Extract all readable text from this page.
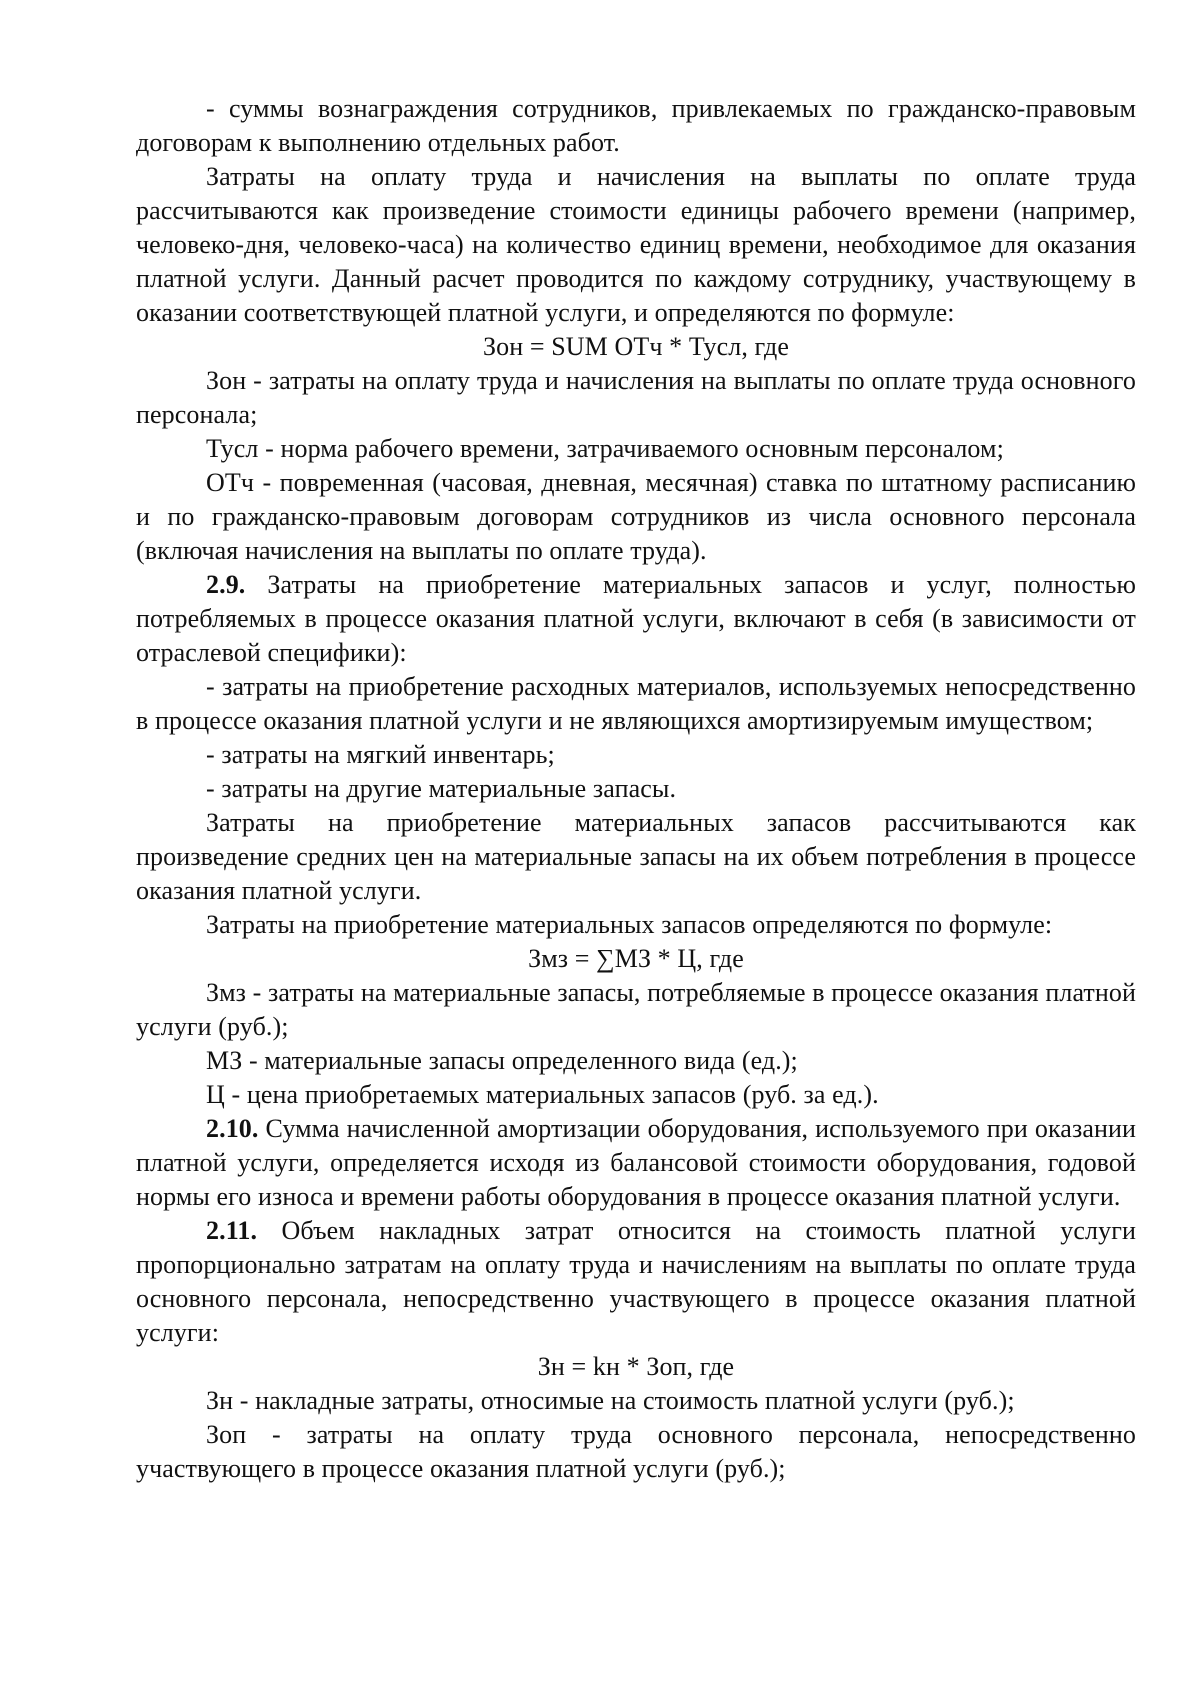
- суммы вознаграждения сотрудников, привлекаемых по гражданско-правовым договорам к выполнению отдельных работ.

Затраты на оплату труда и начисления на выплаты по оплате труда рассчитываются как произведение стоимости единицы рабочего времени (например, человеко-дня, человеко-часа) на количество единиц времени, необходимое для оказания платной услуги. Данный расчет проводится по каждому сотруднику, участвующему в оказании соответствующей платной услуги, и определяются по формуле:

Зон = SUM ОТч * Тусл, где

Зон - затраты на оплату труда и начисления на выплаты по оплате труда основного персонала;

Тусл - норма рабочего времени, затрачиваемого основным персоналом;

ОТч - повременная (часовая, дневная, месячная) ставка по штатному расписанию и по гражданско-правовым договорам сотрудников из числа основного персонала (включая начисления на выплаты по оплате труда).

2.9. Затраты на приобретение материальных запасов и услуг, полностью потребляемых в процессе оказания платной услуги, включают в себя (в зависимости от отраслевой специфики):

- затраты на приобретение расходных материалов, используемых непосредственно в процессе оказания платной услуги и не являющихся амортизируемым имуществом;

- затраты на мягкий инвентарь;

- затраты на другие материальные запасы.

Затраты на приобретение материальных запасов рассчитываются как произведение средних цен на материальные запасы на их объем потребления в процессе оказания платной услуги.

Затраты на приобретение материальных запасов определяются по формуле:

Змз = ∑МЗ * Ц, где

Змз - затраты на материальные запасы, потребляемые в процессе оказания платной услуги (руб.);

МЗ - материальные запасы определенного вида (ед.);

Ц - цена приобретаемых материальных запасов (руб. за ед.).

2.10. Сумма начисленной амортизации оборудования, используемого при оказании платной услуги, определяется исходя из балансовой стоимости оборудования, годовой нормы его износа и времени работы оборудования в процессе оказания платной услуги.

2.11. Объем накладных затрат относится на стоимость платной услуги пропорционально затратам на оплату труда и начислениям на выплаты по оплате труда основного персонала, непосредственно участвующего в процессе оказания платной услуги:

Зн = kн * Зоп, где

Зн - накладные затраты, относимые на стоимость платной услуги (руб.);

Зоп - затраты на оплату труда основного персонала, непосредственно участвующего в процессе оказания платной услуги (руб.);
